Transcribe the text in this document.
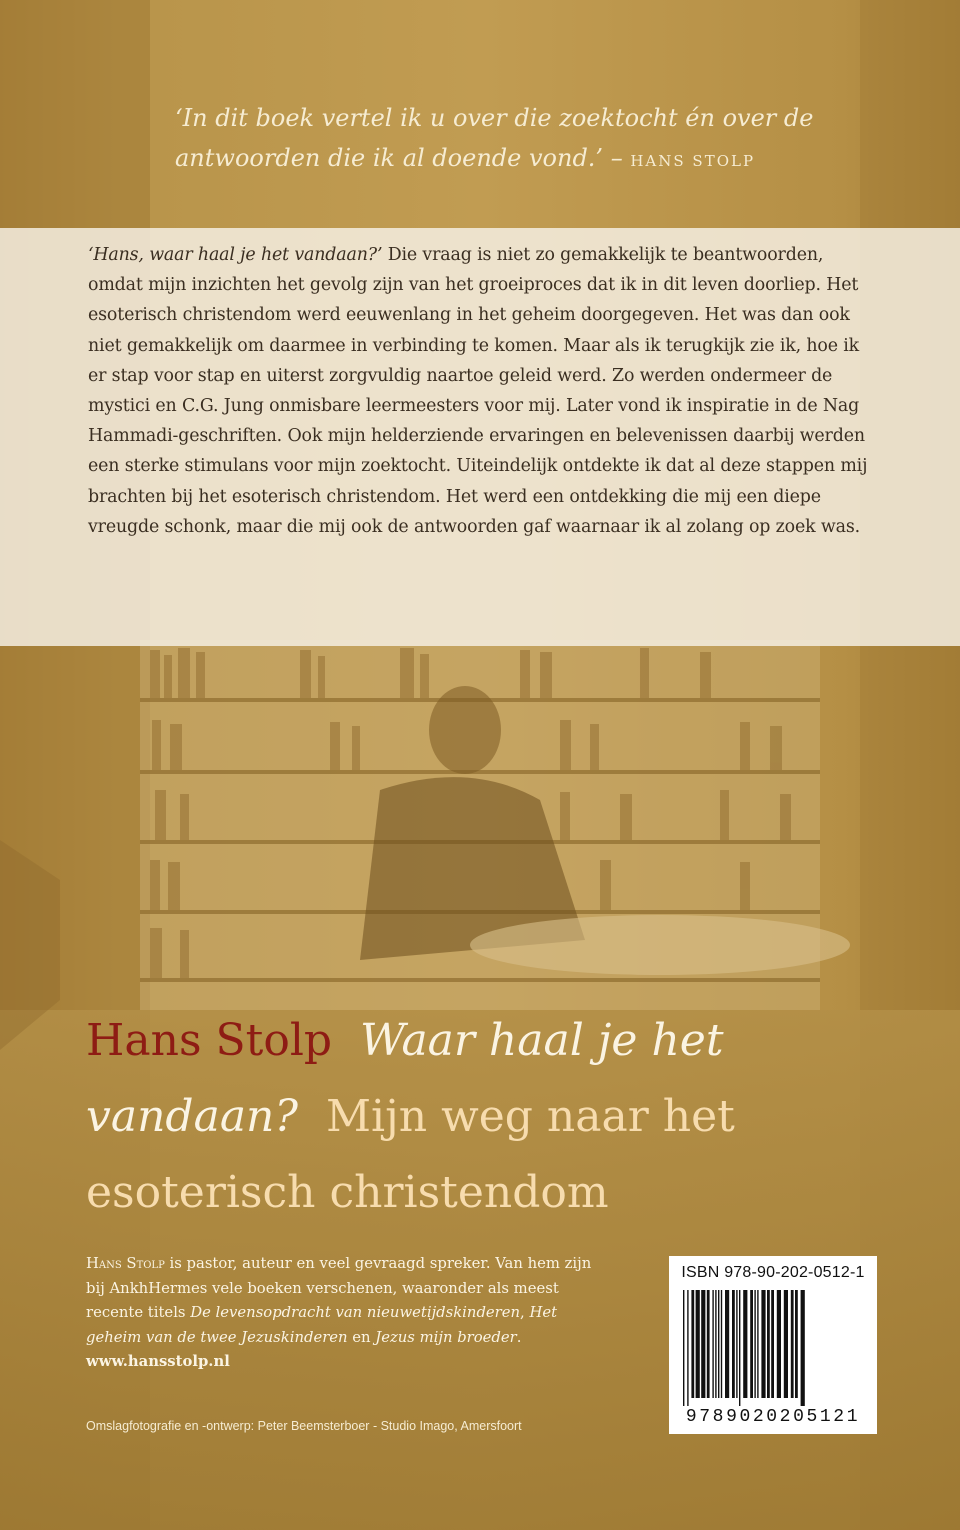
‘In dit boek vertel ik u over die zoektocht én over de antwoorden die ik al doende vond.’ – HANS STOLP

‘Hans, waar haal je het vandaan?’ Die vraag is niet zo gemakkelijk te beantwoorden, omdat mijn inzichten het gevolg zijn van het groeiproces dat ik in dit leven doorliep. Het esoterisch christendom werd eeuwenlang in het geheim doorgegeven. Het was dan ook niet gemakkelijk om daarmee in verbinding te komen. Maar als ik terugkijk zie ik, hoe ik er stap voor stap en uiterst zorgvuldig naartoe geleid werd. Zo werden ondermeer de mystici en C.G. Jung onmisbare leermeesters voor mij. Later vond ik inspiratie in de Nag Hammadi-geschriften. Ook mijn helderziende ervaringen en belevenissen daarbij werden een sterke stimulans voor mijn zoektocht. Uiteindelijk ontdekte ik dat al deze stappen mij brachten bij het esoterisch christendom. Het werd een ontdekking die mij een diepe vreugde schonk, maar die mij ook de antwoorden gaf waarnaar ik al zolang op zoek was.

Hans Stolp Waar haal je het vandaan? Mijn weg naar het esoterisch christendom
Hans Stolp is pastor, auteur en veel gevraagd spreker. Van hem zijn bij AnkhHermes vele boeken verschenen, waaronder als meest recente titels De levensopdracht van nieuwetijdskinderen, Het geheim van de twee Jezuskinderen en Jezus mijn broeder. www.hansstolp.nl
ISBN 978-90-202-0512-1
9789020205121
Omslagfotografie en -ontwerp: Peter Beemsterboer - Studio Imago, Amersfoort
